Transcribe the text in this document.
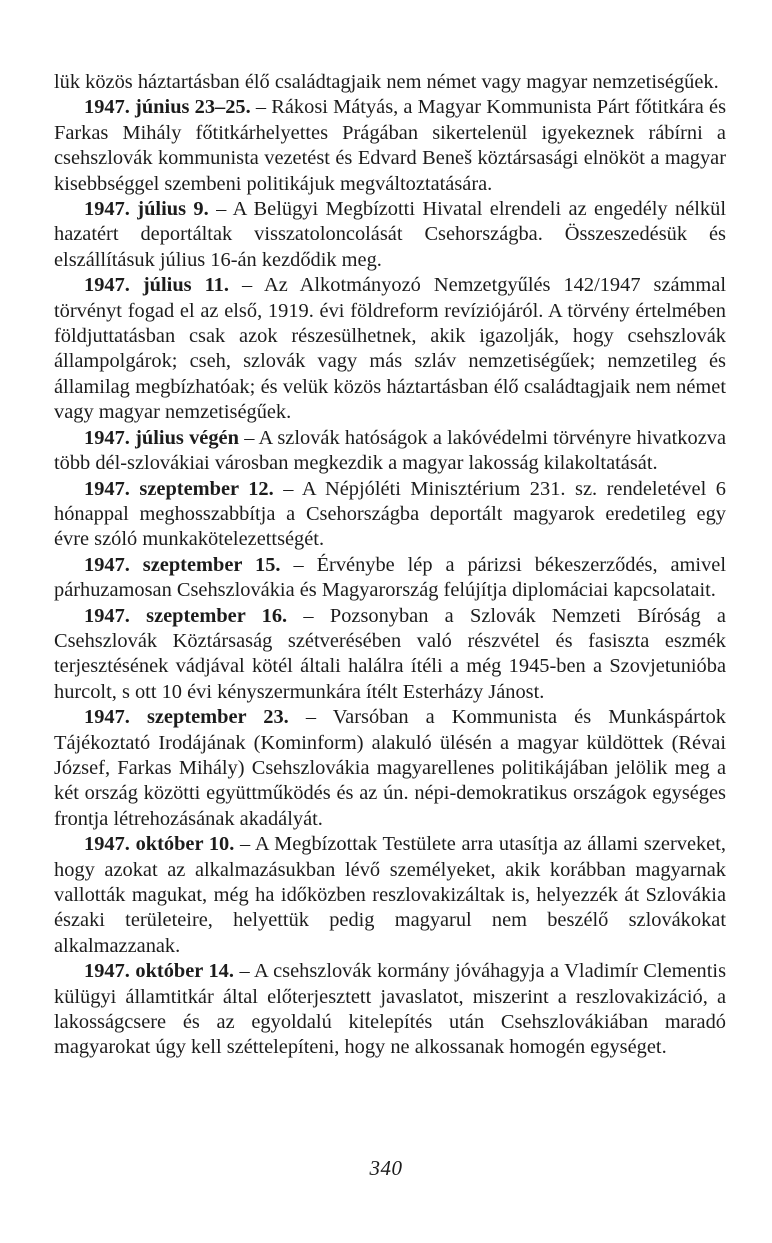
lük közös háztartásban élő családtagjaik nem német vagy magyar nemzetiségűek.

1947. június 23–25. – Rákosi Mátyás, a Magyar Kommunista Párt főtitkára és Farkas Mihály főtitkárhelyettes Prágában sikertelenül igyekeznek rábírni a csehszlovák kommunista vezetést és Edvard Beneš köztársasági elnököt a magyar kisebbséggel szembeni politikájuk megváltoztatására.

1947. július 9. – A Belügyi Megbízotti Hivatal elrendeli az engedély nélkül hazatért deportáltak visszatoloncolását Csehországba. Összeszedésük és elszállításuk július 16-án kezdődik meg.

1947. július 11. – Az Alkotmányozó Nemzetgyűlés 142/1947 számmal törvényt fogad el az első, 1919. évi földreform revíziójáról. A törvény értelmében földjuttatásban csak azok részesülhetnek, akik igazolják, hogy csehszlovák állampolgárok; cseh, szlovák vagy más szláv nemzetiségűek; nemzetileg és államilag megbízhatóak; és velük közös háztartásban élő családtagjaik nem német vagy magyar nemzetiségűek.

1947. július végén – A szlovák hatóságok a lakóvédelmi törvényre hivatkozva több dél-szlovákiai városban megkezdik a magyar lakosság kilakoltatását.

1947. szeptember 12. – A Népjóléti Minisztérium 231. sz. rendeletével 6 hónappal meghosszabbítja a Csehországba deportált magyarok eredetileg egy évre szóló munkakötelezettségét.

1947. szeptember 15. – Érvénybe lép a párizsi békeszerződés, amivel párhuzamosan Csehszlovákia és Magyarország felújítja diplomáciai kapcsolatait.

1947. szeptember 16. – Pozsonyban a Szlovák Nemzeti Bíróság a Csehszlovák Köztársaság szétverésében való részvétel és fasiszta eszmék terjesztésének vádjával kötél általi halálra ítéli a még 1945-ben a Szovjetunióba hurcolt, s ott 10 évi kényszermunkára ítélt Esterházy Jánost.

1947. szeptember 23. – Varsóban a Kommunista és Munkáspártok Tájékoztató Irodájának (Kominform) alakuló ülésén a magyar küldöttek (Révai József, Farkas Mihály) Csehszlovákia magyarellenes politikájában jelölik meg a két ország közötti együttműködés és az ún. népi-demokratikus országok egységes frontja létrehozásának akadályát.

1947. október 10. – A Megbízottak Testülete arra utasítja az állami szerveket, hogy azokat az alkalmazásukban lévő személyeket, akik korábban magyarnak vallották magukat, még ha időközben reszlovakizáltak is, helyezzék át Szlovákia északi területeire, helyettük pedig magyarul nem beszélő szlovákokat alkalmazzanak.

1947. október 14. – A csehszlovák kormány jóváhagyja a Vladimír Clementis külügyi államtitkár által előterjesztett javaslatot, miszerint a reszlovakizáció, a lakosságcsere és az egyoldalú kitelepítés után Csehszlovákiában maradó magyarokat úgy kell széttelepíteni, hogy ne alkossanak homogén egységet.

340
